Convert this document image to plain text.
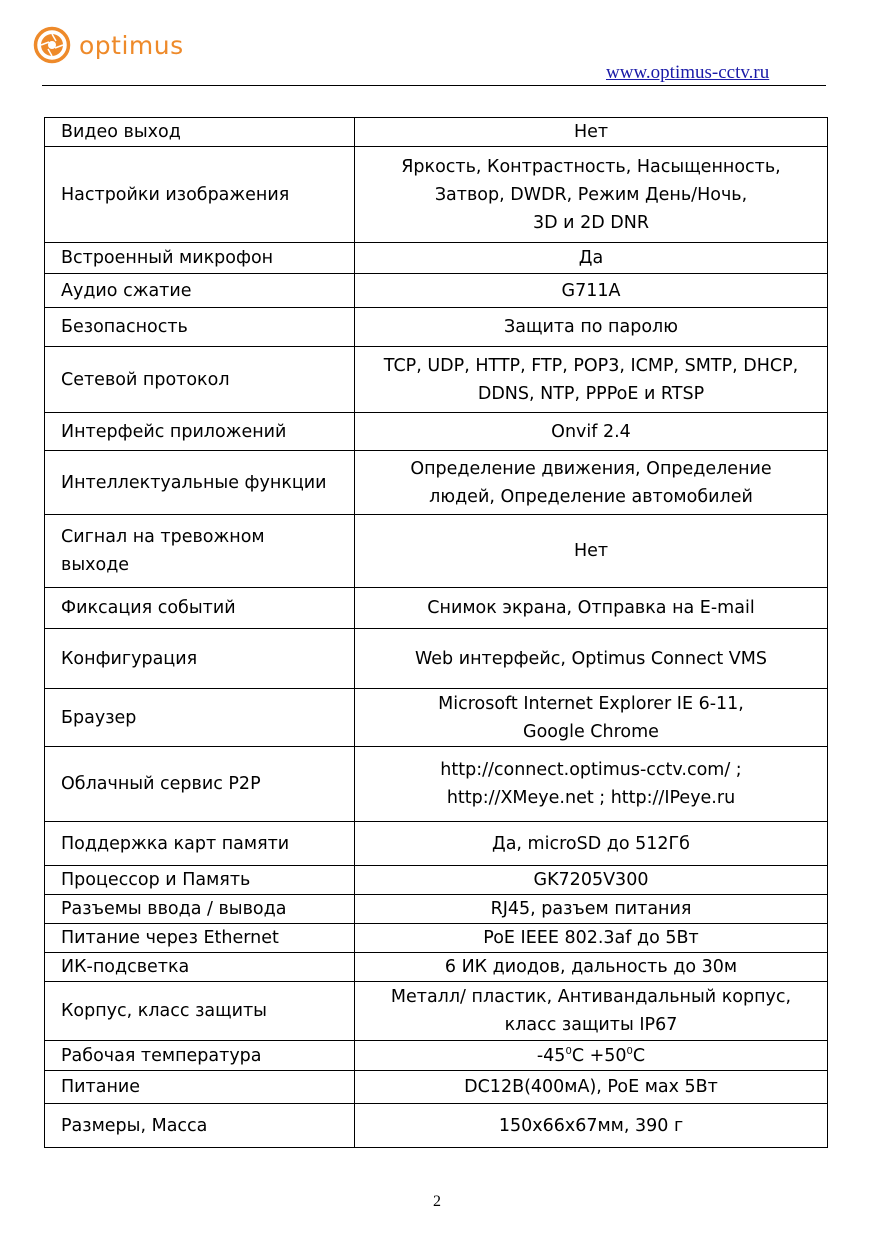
optimus
www.optimus-cctv.ru
Видео выход	Нет
Настройки изображения	Яркость, Контрастность, Насыщенность,
Затвор, DWDR, Режим День/Ночь,
3D и 2D DNR
Встроенный микрофон	Да
Аудио сжатие	G711A
Безопасность	Защита по паролю
Сетевой протокол	TCP, UDP, HTTP, FTP, POP3, ICMP, SMTP, DHCP,
DDNS, NTP, PPPoE и RTSP
Интерфейс приложений	Onvif 2.4
Интеллектуальные функции	Определение движения, Определение
людей, Определение автомобилей
Сигнал на тревожном
выходе	Нет
Фиксация событий	Снимок экрана, Отправка на E-mail
Конфигурация	Web интерфейс, Optimus Connect VMS
Браузер	Microsoft Internet Explorer IE 6-11,
Google Chrome
Облачный сервис P2P	http://connect.optimus-cctv.com/ ;
http://XMeye.net ; http://IPeye.ru
Поддержка карт памяти	Да, microSD до 512Гб
Процессор и Память	GK7205V300
Разъемы ввода / вывода	RJ45, разъем питания
Питание через Ethernet	PoE IEEE 802.3af до 5Вт
ИК-подсветка	6 ИК диодов, дальность до 30м
Корпус, класс защиты	Металл/ пластик, Антивандальный корпус,
класс защиты IP67
Рабочая температура	$-45^0C +50^0C$
Питание	DC12В(400мА), PoE мах 5Вт
Размеры, Масса	150х66х67мм, 390 г
2
